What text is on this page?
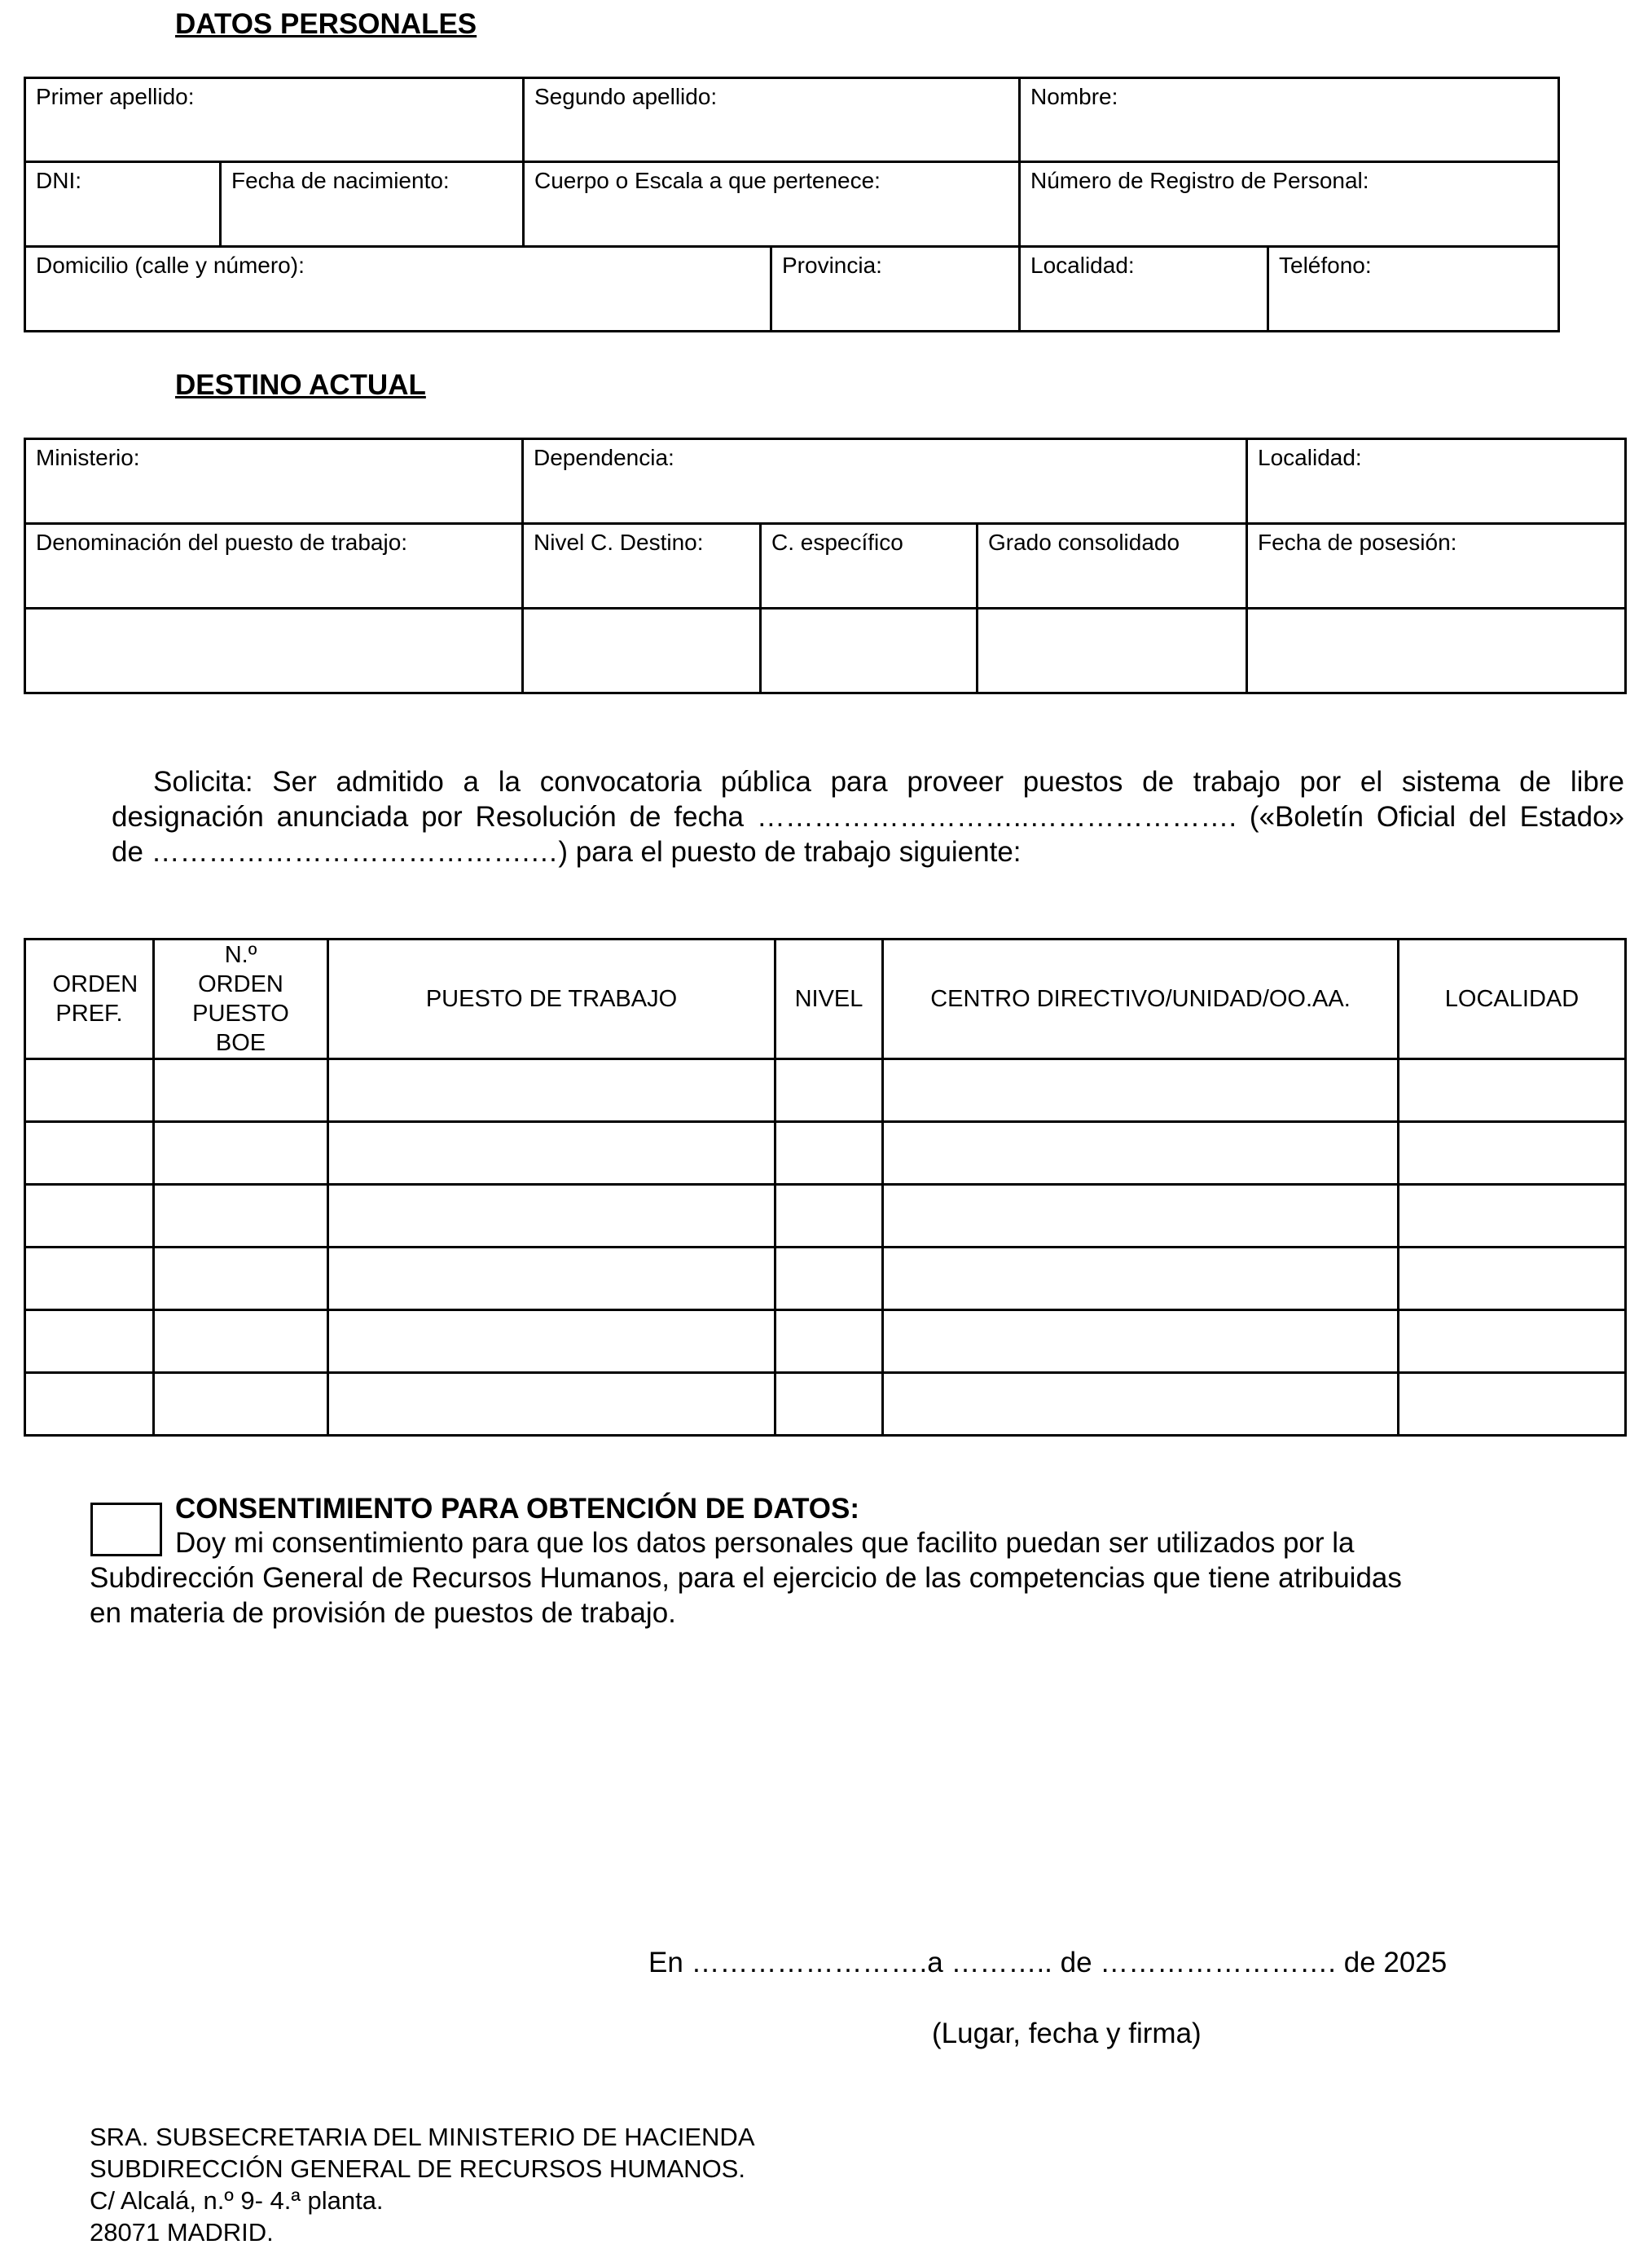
DATOS PERSONALES
Primer apellido:		Segundo apellido:		Nombre:	

DNI:	Fecha de nacimiento:	Cuerpo o Escala a que pertenece:		Número de Registro de Personal:	

Domicilio (calle y número):			Provincia:	Localidad:	Teléfono:
DESTINO ACTUAL
Ministerio:	Dependencia:			Localidad:

Denominación del puesto de trabajo:	Nivel C. Destino:	C. específico	Grado consolidado	Fecha de posesión:

Solicita: Ser admitido a la convocatoria pública para proveer puestos de trabajo por el sistema de libre
designación anunciada por Resolución de fecha ………………………..…………………. («Boletín Oficial del Estado»
de ………………………………….…) para el puesto de trabajo siguiente:
ORDEN PREF.	N.º ORDEN PUESTO BOE	PUESTO DE TRABAJO	NIVEL	CENTRO DIRECTIVO/UNIDAD/OO.AA.	LOCALIDAD

CONSENTIMIENTO PARA OBTENCIÓN DE DATOS:
Doy mi consentimiento para que los datos personales que facilito puedan ser utilizados por la
Subdirección General de Recursos Humanos, para el ejercicio de las competencias que tiene atribuidas
en materia de provisión de puestos de trabajo.
En …………………….a ……….. de ……………………. de 2025
(Lugar, fecha y firma)
SRA. SUBSECRETARIA DEL MINISTERIO DE HACIENDA
SUBDIRECCIÓN GENERAL DE RECURSOS HUMANOS.
C/ Alcalá, n.º 9- 4.ª planta.
28071 MADRID.
